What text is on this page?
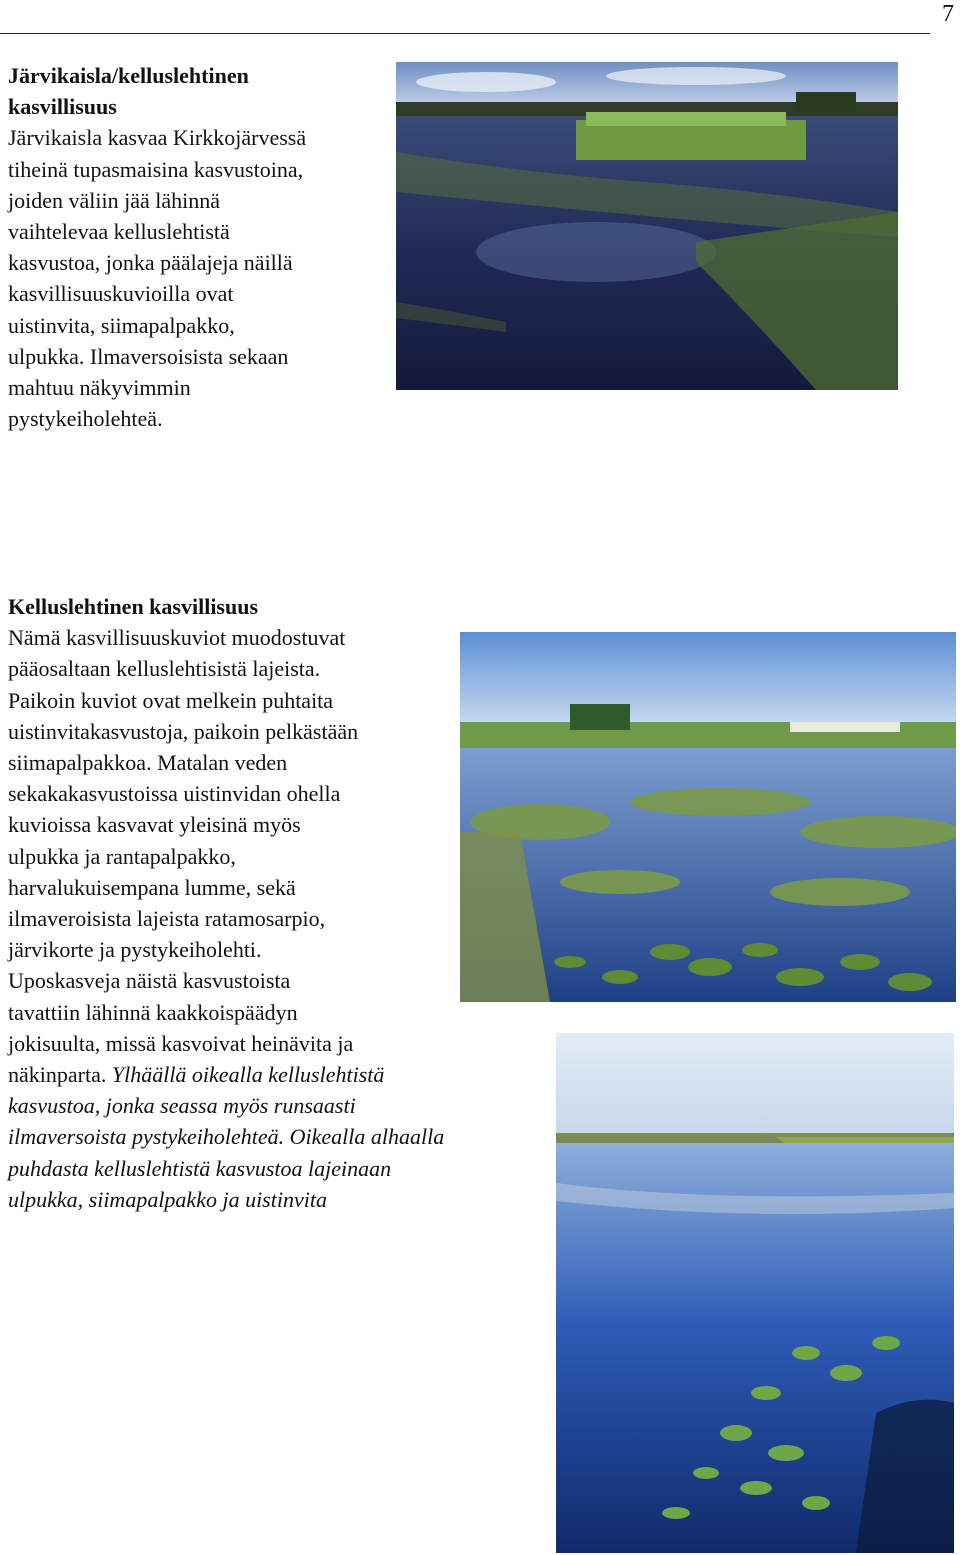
7
Järvikaisla/kelluslehtinen
kasvillisuus
Järvikaisla kasvaa Kirkkojärvessä
tiheinä tupasmaisina kasvustoina,
joiden väliin jää lähinnä
vaihtelevaa kelluslehtistä
kasvustoa, jonka päälajeja näillä
kasvillisuuskuvioilla ovat
uistinvita, siimapalpakko,
ulpukka. Ilmaversoisista sekaan
mahtuu näkyvimmin
pystykeiholehteä.
Kelluslehtinen kasvillisuus
Nämä kasvillisuuskuviot muodostuvat
pääosaltaan kelluslehtisistä lajeista.
Paikoin kuviot ovat melkein puhtaita
uistinvitakasvustoja, paikoin pelkästään
siimapalpakkoa. Matalan veden
sekakakasvustoissa uistinvidan ohella
kuvioissa kasvavat yleisinä myös
ulpukka ja rantapalpakko,
harvalukuisempana lumme, sekä
ilmaveroisista lajeista ratamosarpio,
järvikorte ja pystykeiholehti.
Uposkasveja näistä kasvustoista
tavattiin lähinnä kaakkoispäädyn
jokisuulta, missä kasvoivat heinävita ja
näkinparta. Ylhäällä oikealla kelluslehtistä
kasvustoa, jonka seassa myös runsaasti
ilmaversoista pystykeiholehteä. Oikealla alhaalla
puhdasta kelluslehtistä kasvustoa lajeinaan
ulpukka, siimapalpakko ja uistinvita
